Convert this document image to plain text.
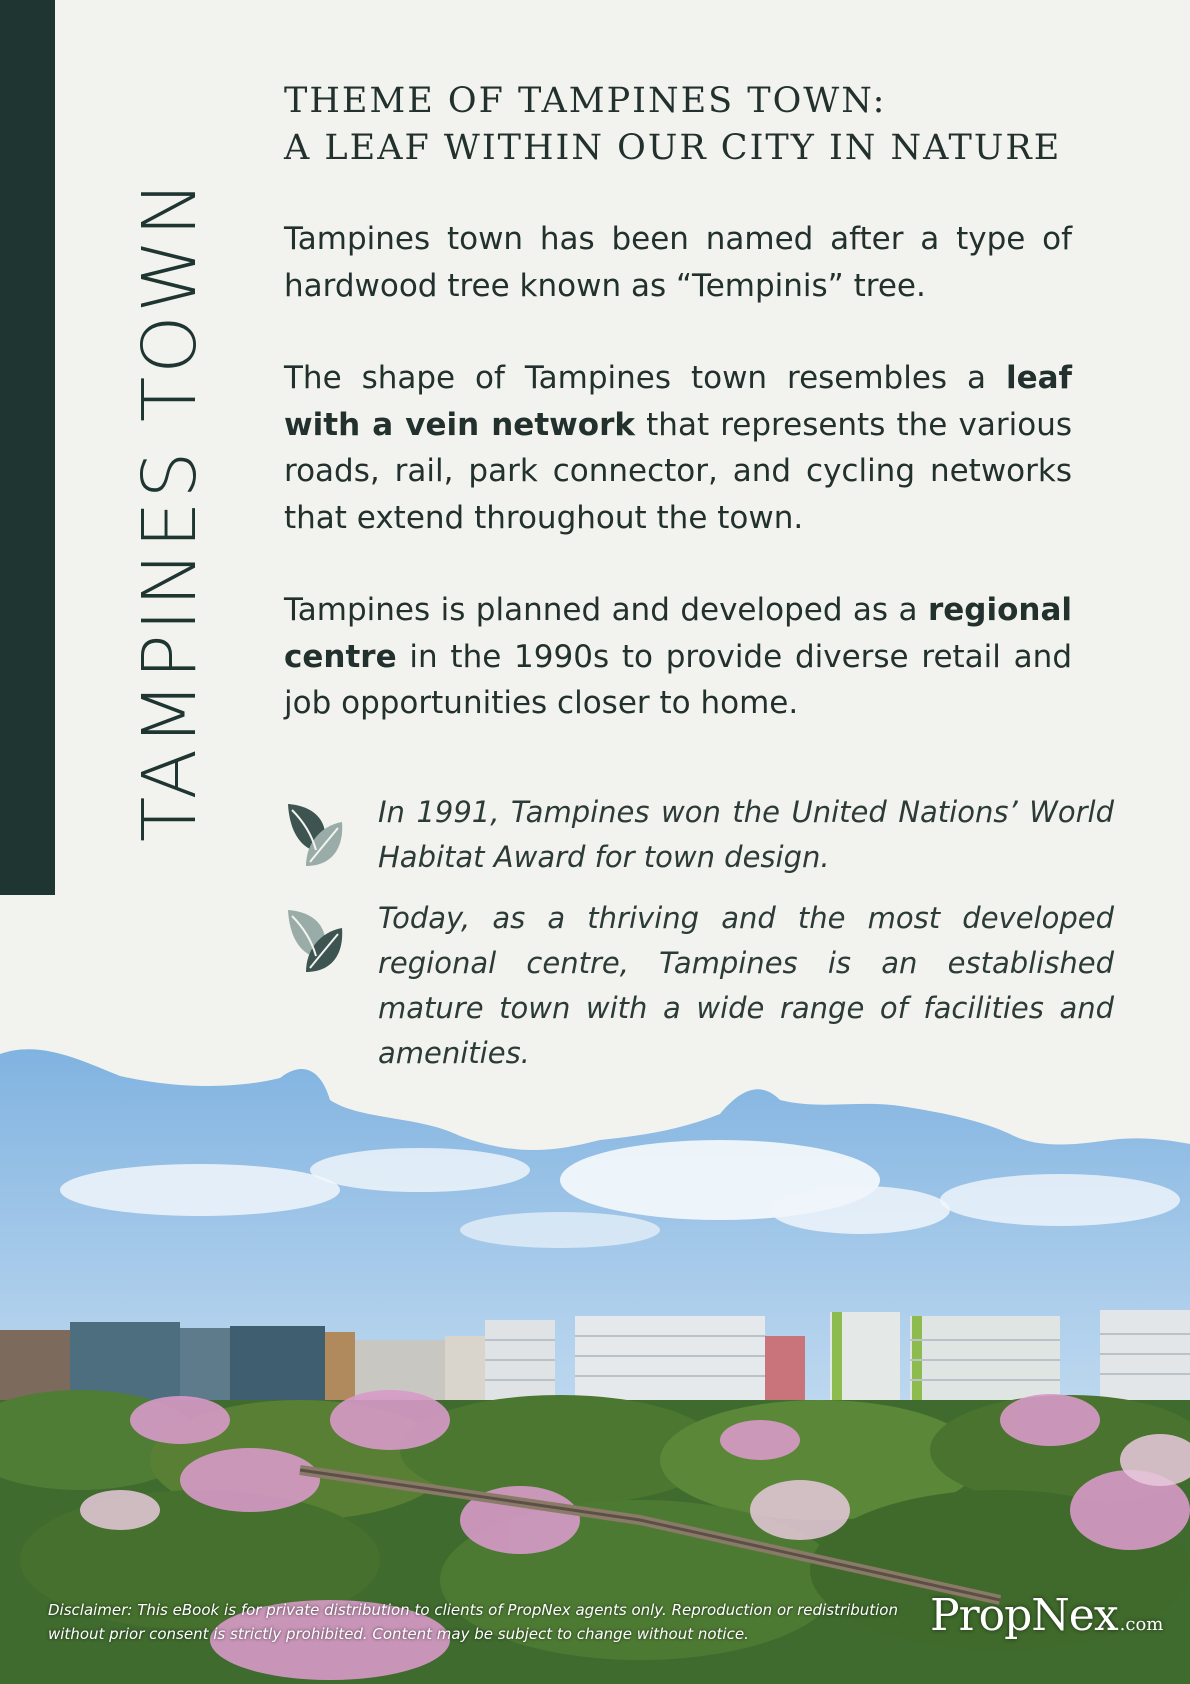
TAMPINES TOWN
THEME OF TAMPINES TOWN:
A LEAF WITHIN OUR CITY IN NATURE

Tampines town has been named after a type of hardwood tree known as “Tempinis” tree.

The shape of Tampines town resembles a leaf with a vein network that represents the various roads, rail, park connector, and cycling networks that extend throughout the town.

Tampines is planned and developed as a regional centre in the 1990s to provide diverse retail and job opportunities closer to home.

In 1991, Tampines won the United Nations’ World Habitat Award for town design.

Today, as a thriving and the most developed regional centre, Tampines is an established mature town with a wide range of facilities and amenities.

Disclaimer: This eBook is for private distribution to clients of PropNex agents only. Reproduction or redistribution without prior consent is strictly prohibited. Content may be subject to change without notice.	PropNex .com
